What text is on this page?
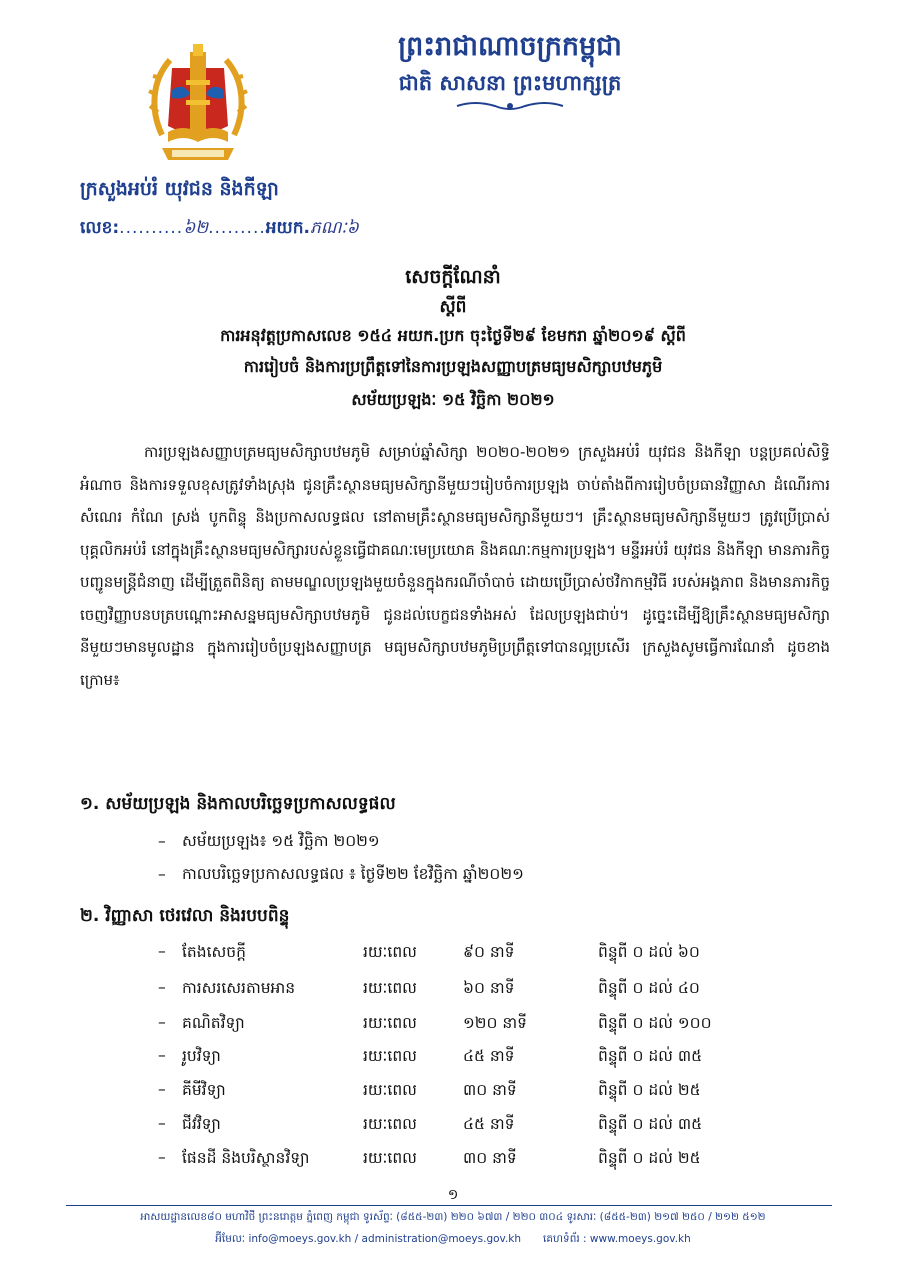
ព្រះរាជាណាចក្រកម្ពុជា
ជាតិ សាសនា ព្រះមហាក្សត្រ
ក្រសួងអប់រំ យុវជន និងកីឡា
លេខ:..........៦២.........អយក.ភណៈ៦
សេចក្តីណែនាំ
ស្តីពី
ការអនុវត្តប្រកាសលេខ ១៥៤ អយក.ប្រក ចុះថ្ងៃទី២៩ ខែមករា ឆ្នាំ២០១៩ ស្តីពី
ការរៀបចំ និងការប្រព្រឹត្តទៅនៃការប្រឡងសញ្ញាបត្រមធ្យមសិក្សាបឋមភូមិ
សម័យប្រឡងៈ ១៥ វិច្ឆិកា ២០២១
ការប្រឡងសញ្ញាបត្រមធ្យមសិក្សាបឋមភូមិ សម្រាប់ឆ្នាំសិក្សា ២០២០-២០២១ ក្រសួងអប់រំ យុវជន និងកីឡា បន្តប្រគល់សិទ្ធិអំណាច និងការទទួលខុសត្រូវទាំងស្រុង ជូនគ្រឹះស្ថានមធ្យមសិក្សានីមួយៗរៀបចំការប្រឡង ចាប់តាំងពីការរៀបចំប្រធានវិញ្ញាសា ដំណើរការសំណេរ កំណែ ស្រង់ បូកពិន្ទុ និងប្រកាសលទ្ធផល នៅតាមគ្រឹះស្ថានមធ្យមសិក្សានីមួយៗ។ គ្រឹះស្ថានមធ្យមសិក្សានីមួយៗ ត្រូវប្រើប្រាស់បុគ្គលិកអប់រំ នៅក្នុងគ្រឹះស្ថានមធ្យមសិក្សារបស់ខ្លួនធ្វើជាគណៈមេប្រយោគ និងគណៈកម្មការប្រឡង។ មន្ទីរអប់រំ យុវជន និងកីឡា មានភារកិច្ច បញ្ជូនមន្ត្រីជំនាញ ដើម្បីត្រួតពិនិត្យ តាមមណ្ឌលប្រឡងមួយចំនួនក្នុងករណីចាំបាច់ ដោយប្រើប្រាស់ថវិកាកម្មវិធី របស់អង្គភាព និងមានភារកិច្ចចេញវិញ្ញាបនបត្របណ្តោះអាសន្នមធ្យមសិក្សាបឋមភូមិ ជូនដល់បេក្ខជនទាំងអស់ ដែលប្រឡងជាប់។ ដូច្នេះដើម្បីឱ្យគ្រឹះស្ថានមធ្យមសិក្សានីមួយៗមានមូលដ្ឋាន ក្នុងការរៀបចំប្រឡងសញ្ញាបត្រ មធ្យមសិក្សាបឋមភូមិប្រព្រឹត្តទៅបានល្អប្រសើរ ក្រសួងសូមធ្វើការណែនាំ ដូចខាងក្រោម៖
១. សម័យប្រឡង និងកាលបរិច្ឆេទប្រកាសលទ្ធផល
– សម័យប្រឡង៖ ១៥ វិច្ឆិកា ២០២១
– កាលបរិច្ឆេទប្រកាសលទ្ធផល ៖ ថ្ងៃទី២២ ខែវិច្ឆិកា ឆ្នាំ២០២១
២. វិញ្ញាសា ថេរវេលា និងរបបពិន្ទុ
– តែងសេចក្តី	រយៈពេល	៩០ នាទី	ពិន្ទុពី ០ ដល់ ៦០
– ការសរសេរតាមអាន	រយៈពេល	៦០ នាទី	ពិន្ទុពី ០ ដល់ ៤០
– គណិតវិទ្យា	រយៈពេល	១២០ នាទី	ពិន្ទុពី ០ ដល់ ១០០
– រូបវិទ្យា	រយៈពេល	៤៥ នាទី	ពិន្ទុពី ០ ដល់ ៣៥
– គីមីវិទ្យា	រយៈពេល	៣០ នាទី	ពិន្ទុពី ០ ដល់ ២៥
– ជីវវិទ្យា	រយៈពេល	៤៥ នាទី	ពិន្ទុពី ០ ដល់ ៣៥
– ផែនដី និងបរិស្ថានវិទ្យា	រយៈពេល	៣០ នាទី	ពិន្ទុពី ០ ដល់ ២៥
១
អាសយដ្ឋានលេខ៨០ មហាវិថី ព្រះនរោត្តម ភ្នំពេញ កម្ពុជា ទូរស័ព្ទៈ (៨៥៥-២៣) ២២០ ៦៧៣ / ២២០ ៣០៤ ទូរសារៈ (៨៥៥-២៣) ២១៧ ២៥០ / ២១២ ៥១២
អ៊ីមែលៈ info@moeys.gov.kh / administration@moeys.gov.kh គេហទំព័រ : www.moeys.gov.kh
